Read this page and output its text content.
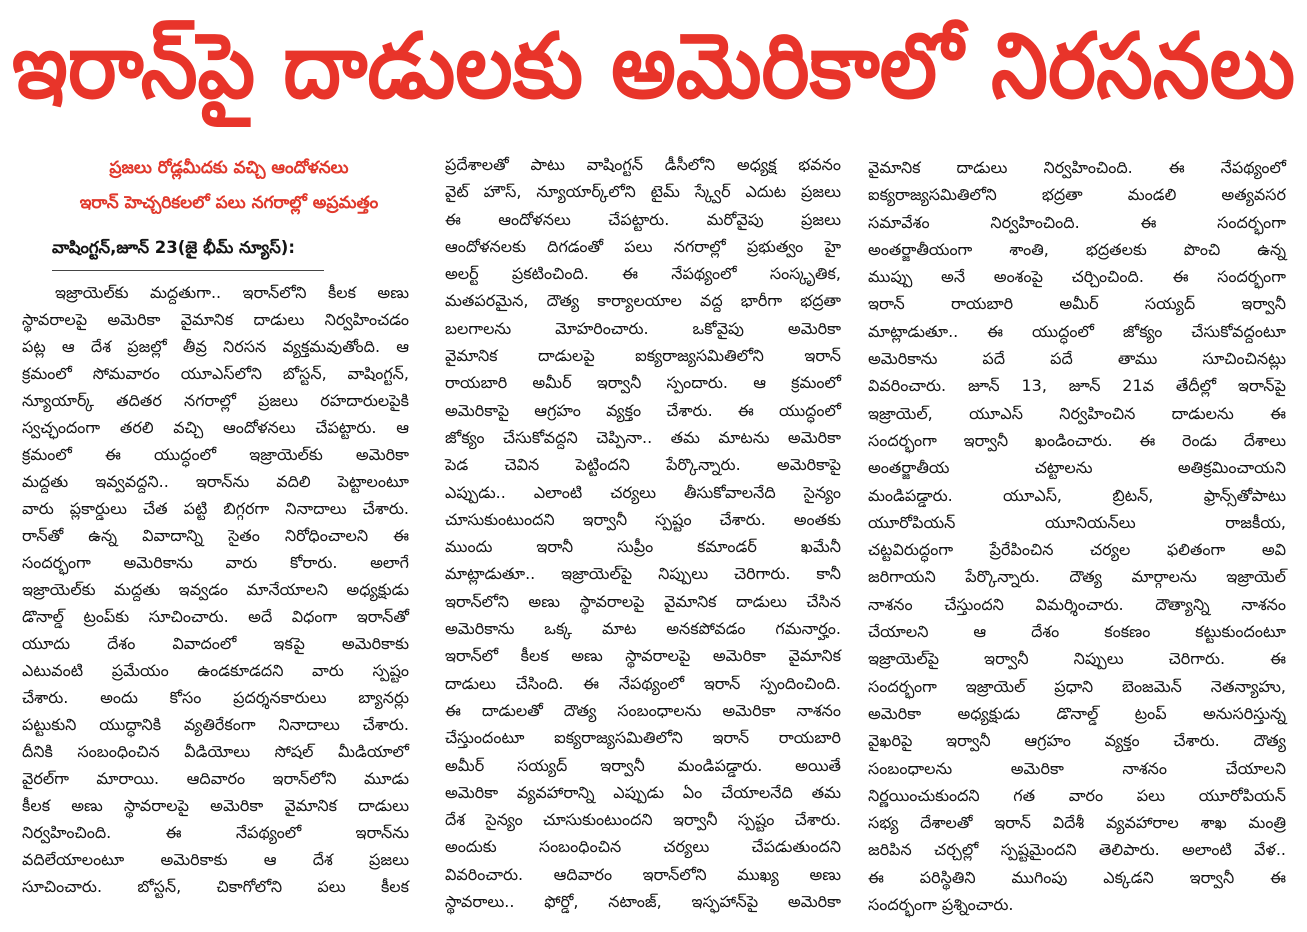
ఇరాన్‌పై దాడులకు అమెరికాలో నిరసనలు
ప్రజలు రోడ్లమీదకు వచ్చి ఆందోళనలు
ఇరాన్ హెచ్చరికలలో పలు నగరాల్లో అప్రమత్తం
వాషింగ్టన్,జూన్ 23(జై భీమ్ న్యూస్):
ఇజ్రాయెల్‌కు మద్దతుగా.. ఇరాన్‌లోని కీలక అణు
స్థావరాలపై అమెరికా వైమానిక దాడులు నిర్వహించడం
పట్ల ఆ దేశ ప్రజల్లో తీవ్ర నిరసన వ్యక్తమవుతోంది. ఆ
క్రమంలో సోమవారం యూఎస్‌లోని బోస్టన్, వాషింగ్టన్,
న్యూయార్క్ తదితర నగరాల్లో ప్రజలు రహదారులపైకి
స్వచ్ఛందంగా తరలి వచ్చి ఆందోళనలు చేపట్టారు. ఆ
క్రమంలో ఈ యుద్ధంలో ఇజ్రాయెల్‌కు అమెరికా
మద్దతు ఇవ్వవద్దని.. ఇరాన్‌ను వదిలి పెట్టాలంటూ
వారు ప్లకార్డులు చేత పట్టి బిగ్గరగా నినాదాలు చేశారు.
రాన్‌తో ఉన్న వివాదాన్ని సైతం నిరోధించాలని ఈ
సందర్భంగా అమెరికాను వారు కోరారు. అలాగే
ఇజ్రాయెల్‌కు మద్దతు ఇవ్వడం మానేయాలని అధ్యక్షుడు
డొనాల్డ్ ట్రంప్‌కు సూచించారు. అదే విధంగా ఇరాన్‌తో
యూదు దేశం వివాదంలో ఇకపై అమెరికాకు
ఎటువంటి ప్రమేయం ఉండకూడదని వారు స్పష్టం
చేశారు. అందు కోసం ప్రదర్శనకారులు బ్యానర్లు
పట్టుకుని యుద్ధానికి వ్యతిరేకంగా నినాదాలు చేశారు.
దీనికి సంబంధించిన వీడియోలు సోషల్ మీడియాలో
వైరల్‌గా మారాయి. ఆదివారం ఇరాన్‌లోని మూడు
కీలక అణు స్థావరాలపై అమెరికా వైమానిక దాడులు
నిర్వహించింది. ఈ నేపథ్యంలో ఇరాన్‌ను
వదిలేయాలంటూ అమెరికాకు ఆ దేశ ప్రజలు
సూచించారు. బోస్టన్, చికాగోలోని పలు కీలక
ప్రదేశాలతో పాటు వాషింగ్టన్ డీసీలోని అధ్యక్ష భవనం
వైట్ హౌస్, న్యూయార్క్‌లోని టైమ్ స్క్వేర్ ఎదుట ప్రజలు
ఈ ఆందోళనలు చేపట్టారు. మరోవైపు ప్రజలు
ఆందోళనలకు దిగడంతో పలు నగరాల్లో ప్రభుత్వం హై
అలర్ట్ ప్రకటించింది. ఈ నేపథ్యంలో సంస్కృతిక,
మతపరమైన, దౌత్య కార్యాలయాల వద్ద భారీగా భద్రతా
బలగాలను మోహరించారు. ఒకోవైపు అమెరికా
వైమానిక దాడులపై ఐక్యరాజ్యసమితిలోని ఇరాన్
రాయబారి అమీర్ ఇర్వానీ స్పందారు. ఆ క్రమంలో
అమెరికాపై ఆగ్రహం వ్యక్తం చేశారు. ఈ యుద్ధంలో
జోక్యం చేసుకోవద్దని చెప్పినా.. తమ మాటను అమెరికా
పెడ చెవిన పెట్టిందని పేర్కొన్నారు. అమెరికాపై
ఎప్పుడు.. ఎలాంటి చర్యలు తీసుకోవాలనేది సైన్యం
చూసుకుంటుందని ఇర్వానీ స్పష్టం చేశారు. అంతకు
ముందు ఇరానీ సుప్రీం కమాండర్ ఖమేనీ
మాట్లాడుతూ.. ఇజ్రాయెల్‌పై నిప్పులు చెరిగారు. కానీ
ఇరాన్‌లోని అణు స్థావరాలపై వైమానిక దాడులు చేసిన
అమెరికాను ఒక్క మాట అనకపోవడం గమనార్హం.
ఇరాన్‌లో కీలక అణు స్థావరాలపై అమెరికా వైమానిక
దాడులు చేసింది. ఈ నేపథ్యంలో ఇరాన్ స్పందించింది.
ఈ దాడులతో దౌత్య సంబంధాలను అమెరికా నాశనం
చేస్తుందంటూ ఐక్యరాజ్యసమితిలోని ఇరాన్ రాయబారి
అమీర్ సయ్యద్ ఇర్వానీ మండిపడ్డారు. అయితే
అమెరికా వ్యవహారాన్ని ఎప్పుడు ఏం చేయాలనేది తమ
దేశ సైన్యం చూసుకుంటుందని ఇర్వానీ స్పష్టం చేశారు.
అందుకు సంబంధించిన చర్యలు చేపడుతుందని
వివరించారు. ఆదివారం ఇరాన్‌లోని ముఖ్య అణు
స్థావరాలు.. ఫోర్డో, నటాంజ్, ఇస్ఫహాన్‌పై అమెరికా
వైమానిక దాడులు నిర్వహించింది. ఈ నేపథ్యంలో
ఐక్యరాజ్యసమితిలోని భద్రతా మండలి అత్యవసర
సమావేశం నిర్వహించింది. ఈ సందర్భంగా
అంతర్జాతీయంగా శాంతి, భద్రతలకు పొంచి ఉన్న
ముప్పు అనే అంశంపై చర్చించింది. ఈ సందర్భంగా
ఇరాన్ రాయబారి అమీర్ సయ్యద్ ఇర్వానీ
మాట్లాడుతూ.. ఈ యుద్ధంలో జోక్యం చేసుకోవద్దంటూ
అమెరికాను పదే పదే తాము సూచించినట్లు
వివరించారు. జూన్ 13, జూన్ 21వ తేదీల్లో ఇరాన్‌పై
ఇజ్రాయెల్, యూఎస్ నిర్వహించిన దాడులను ఈ
సందర్భంగా ఇర్వానీ ఖండించారు. ఈ రెండు దేశాలు
అంతర్జాతీయ చట్టాలను అతిక్రమించాయని
మండిపడ్డారు. యూఎస్, బ్రిటన్, ఫ్రాన్స్‌తోపాటు
యూరోపియన్ యూనియన్‌లు రాజకీయ,
చట్టవిరుద్ధంగా ప్రేరేపించిన చర్యల ఫలితంగా అవి
జరిగాయని పేర్కొన్నారు. దౌత్య మార్గాలను ఇజ్రాయెల్
నాశనం చేస్తుందని విమర్శించారు. దౌత్యాన్ని నాశనం
చేయాలని ఆ దేశం కంకణం కట్టుకుందంటూ
ఇజ్రాయెల్‌పై ఇర్వానీ నిప్పులు చెరిగారు. ఈ
సందర్భంగా ఇజ్రాయెల్ ప్రధాని బెంజమెన్ నెతన్యాహు,
అమెరికా అధ్యక్షుడు డొనాల్డ్ ట్రంప్ అనుసరిస్తున్న
వైఖరిపై ఇర్వానీ ఆగ్రహం వ్యక్తం చేశారు. దౌత్య
సంబంధాలను అమెరికా నాశనం చేయాలని
నిర్ణయించుకుందని గత వారం పలు యూరోపియన్
సభ్య దేశాలతో ఇరాన్ విదేశీ వ్యవహారాల శాఖ మంత్రి
జరిపిన చర్చల్లో స్పష్టమైందని తెలిపారు. అలాంటి వేళ..
ఈ పరిస్థితిని ముగింపు ఎక్కడని ఇర్వానీ ఈ
సందర్భంగా ప్రశ్నించారు.
